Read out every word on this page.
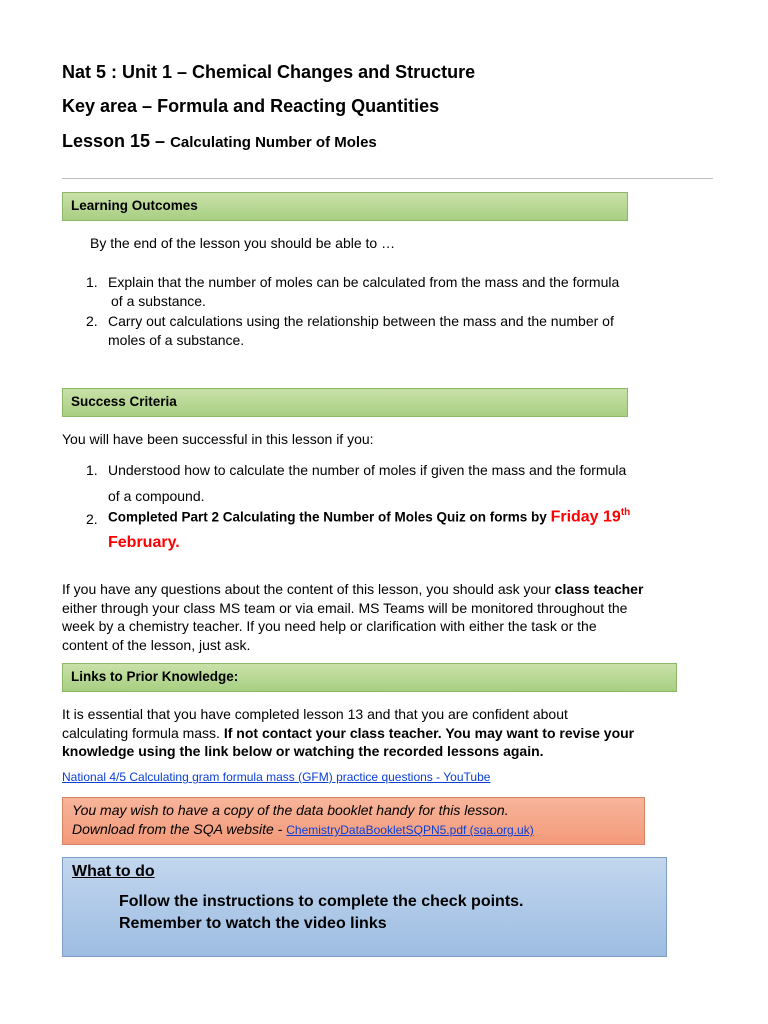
Nat 5 : Unit 1 – Chemical Changes and Structure
Key area – Formula and Reacting Quantities
Lesson 15 – Calculating Number of Moles
Learning Outcomes
By the end of the lesson you should be able to …
1. Explain that the number of moles can be calculated from the mass and the formula
of a substance.
2. Carry out calculations using the relationship between the mass and the number of
moles of a substance.
Success Criteria
You will have been successful in this lesson if you:
1. Understood how to calculate the number of moles if given the mass and the formula
of a compound.
2. Completed Part 2 Calculating the Number of Moles Quiz on forms by Friday 19th
February.
If you have any questions about the content of this lesson, you should ask your class teacher
either through your class MS team or via email. MS Teams will be monitored throughout the
week by a chemistry teacher. If you need help or clarification with either the task or the
content of the lesson, just ask.
Links to Prior Knowledge:
It is essential that you have completed lesson 13 and that you are confident about
calculating formula mass. If not contact your class teacher. You may want to revise your
knowledge using the link below or watching the recorded lessons again.
National 4/5 Calculating gram formula mass (GFM) practice questions - YouTube
You may wish to have a copy of the data booklet handy for this lesson.
Download from the SQA website - ChemistryDataBookletSQPN5.pdf (sqa.org.uk)
What to do
Follow the instructions to complete the check points.
Remember to watch the video links
